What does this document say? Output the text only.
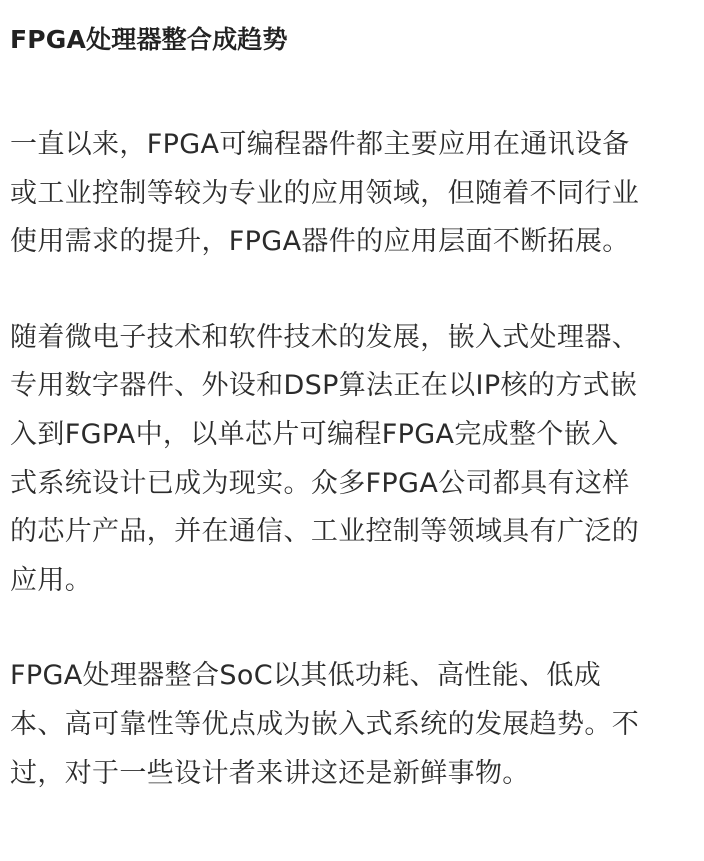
FPGA处理器整合成趋势

一直以来，FPGA可编程器件都主要应用在通讯设备
或工业控制等较为专业的应用领域，但随着不同行业
使用需求的提升，FPGA器件的应用层面不断拓展。

随着微电子技术和软件技术的发展，嵌入式处理器、
专用数字器件、外设和DSP算法正在以IP核的方式嵌
入到FGPA中，以单芯片可编程FPGA完成整个嵌入
式系统设计已成为现实。众多FPGA公司都具有这样
的芯片产品，并在通信、工业控制等领域具有广泛的
应用。

FPGA处理器整合SoC以其低功耗、高性能、低成
本、高可靠性等优点成为嵌入式系统的发展趋势。不
过，对于一些设计者来讲这还是新鲜事物。
